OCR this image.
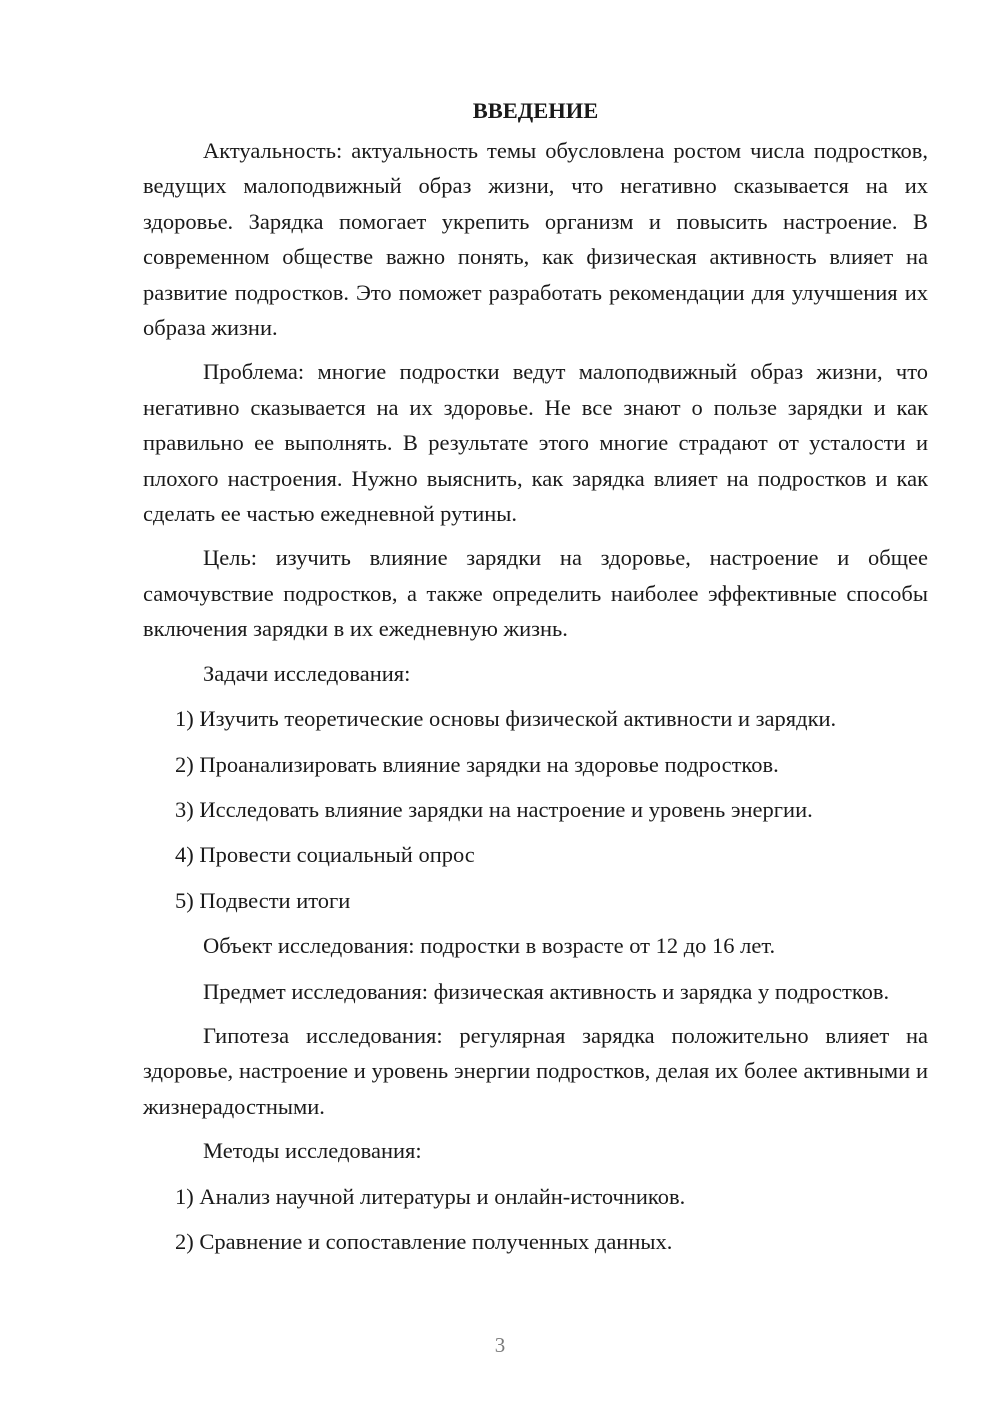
ВВЕДЕНИЕ

Актуальность: актуальность темы обусловлена ростом числа подростков, ведущих малоподвижный образ жизни, что негативно сказывается на их здоровье. Зарядка помогает укрепить организм и повысить настроение. В современном обществе важно понять, как физическая активность влияет на развитие подростков. Это поможет разработать рекомендации для улучшения их образа жизни.

Проблема: многие подростки ведут малоподвижный образ жизни, что негативно сказывается на их здоровье. Не все знают о пользе зарядки и как правильно ее выполнять. В результате этого многие страдают от усталости и плохого настроения. Нужно выяснить, как зарядка влияет на подростков и как сделать ее частью ежедневной рутины.

Цель: изучить влияние зарядки на здоровье, настроение и общее самочувствие подростков, а также определить наиболее эффективные способы включения зарядки в их ежедневную жизнь.

Задачи исследования:

1) Изучить теоретические основы физической активности и зарядки.
2) Проанализировать влияние зарядки на здоровье подростков.
3) Исследовать влияние зарядки на настроение и уровень энергии.
4) Провести социальный опрос
5) Подвести итоги

Объект исследования: подростки в возрасте от 12 до 16 лет.

Предмет исследования: физическая активность и зарядка у подростков.

Гипотеза исследования: регулярная зарядка положительно влияет на здоровье, настроение и уровень энергии подростков, делая их более активными и жизнерадостными.

Методы исследования:

1) Анализ научной литературы и онлайн-источников.
2) Сравнение и сопоставление полученных данных.
3
